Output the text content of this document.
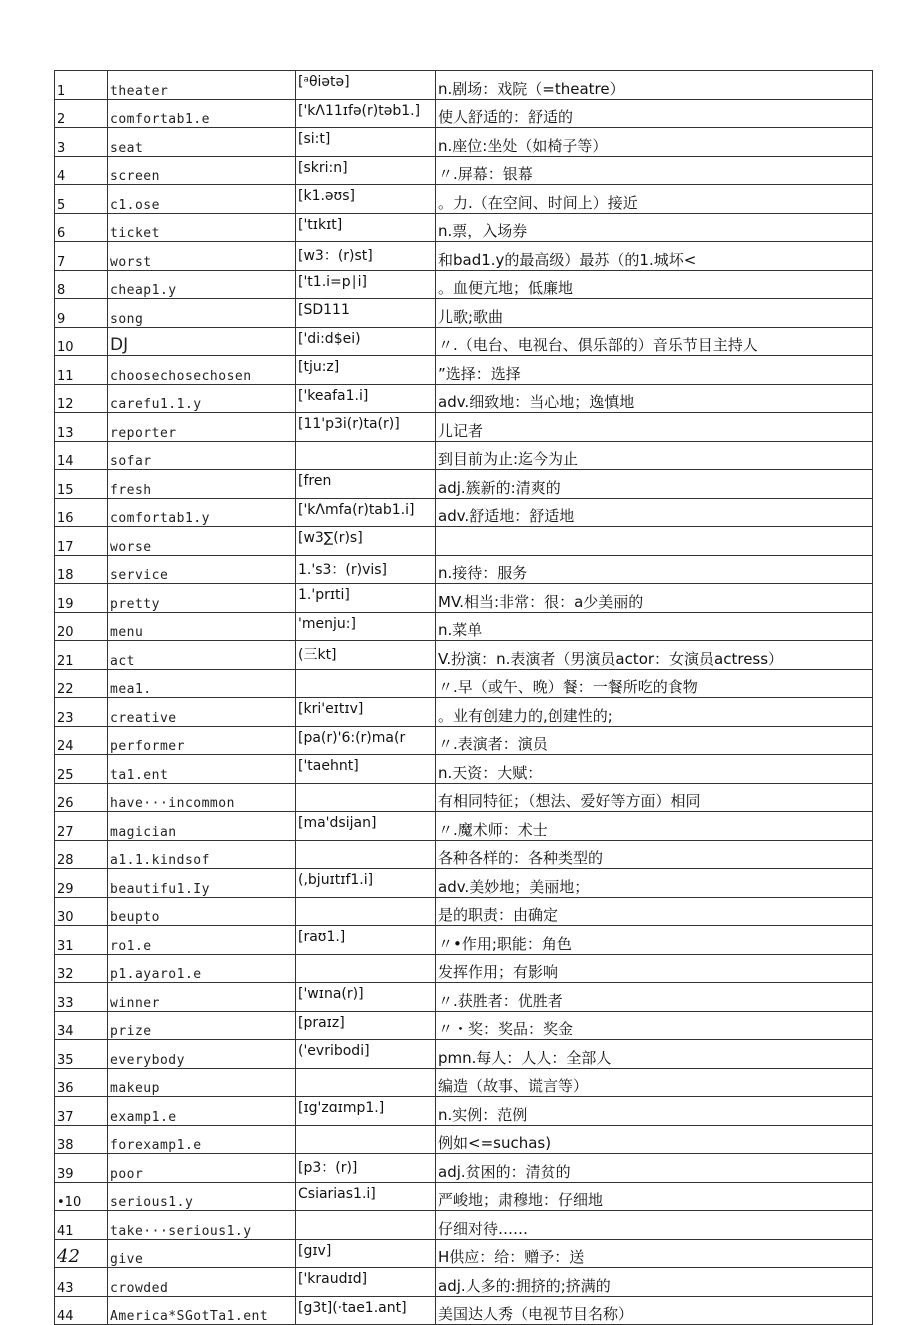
1	theater	[ᵃθiətə]	n.剧场：戏院（=theatre）
2	comfortab1.e	['kΛ11ɪfə(r)təb1.]	使人舒适的：舒适的
3	seat	[si:t]	n.座位:坐处（如椅子等）
4	screen	[skri:n]	〃.屏幕：银幕
5	c1.ose	[k1.əʊs]	。力.（在空间、时间上）接近
6	ticket	['tɪkɪt]	n.票，入场券
7	worst	[w3：(r)st]	和bad1.y的最高级）最苏（的1.城坏<
8	cheap1.y	['t1.i=p∣i]	。血便亢地；低廉地
9	song	[SD111	儿歌;歌曲
10	DJ	['di:d$ei)	〃.（电台、电视台、俱乐部的）音乐节目主持人
11	choosechosechosen	[tju:z]	”选择：选择
12	carefu1.1.y	['keafa1.i]	adv.细致地：当心地；逸慎地
13	reporter	[11'p3i(r)ta(r)]	儿记者
14	sofar		到目前为止:迄今为止
15	fresh	[fren	adj.簇新的:清爽的
16	comfortab1.y	['kΛmfa(r)tab1.i]	adv.舒适地：舒适地
17	worse	[w3∑(r)s]	
18	service	1.'s3：(r)vis]	n.接待：服务
19	pretty	1.'prɪti]	MV.相当:非常：很：a少美丽的
20	menu	'menju:]	n.菜单
21	act	(三kt]	V.扮演：n.表演者（男演员actor：女演员actress）
22	mea1.		〃.早（或午、晚）餐：一餐所吃的食物
23	creative	[kri'eɪtɪv]	。业有创建力的,创建性的;
24	performer	[pa(r)'6:(r)ma(r	〃.表演者：演员
25	ta1.ent	['taehnt]	n.天资：大赋：
26	have···incommon		有相同特征；（想法、爱好等方面）相同
27	magician	[ma'dsijan]	〃.魔术师：术士
28	a1.1.kindsof		各种各样的：各种类型的
29	beautifu1.Iy	(,bjuɪtɪf1.i]	adv.美妙地；美丽地；
30	beupto		是的职责：由确定
31	ro1.e	[raʊ1.]	〃•作用;职能：角色
32	p1.ayaro1.e		发挥作用；有影响
33	winner	['wɪna(r)]	〃.获胜者：优胜者
34	prize	[praɪz]	〃・奖：奖品：奖金
35	everybody	('evribodi]	pmn.每人：人人：全部人
36	makeup		编造（故事、谎言等）
37	examp1.e	[ɪg'zɑɪmp1.]	n.实例：范例
38	forexamp1.e		例如<=suchas)
39	poor	[p3：(r)]	adj.贫困的：清贫的
•10	serious1.y	Csiarias1.i]	严峻地；肃穆地：仔细地
41	take···serious1.y		仔细对待……
42	give	[gɪv]	H供应：给：赠予：送
43	crowded	['kraudɪd]	adj.人多的:拥挤的;挤满的
44	America*SGotTa1.ent	[g3t](·tae1.ant]	美国达人秀（电视节目名称）
